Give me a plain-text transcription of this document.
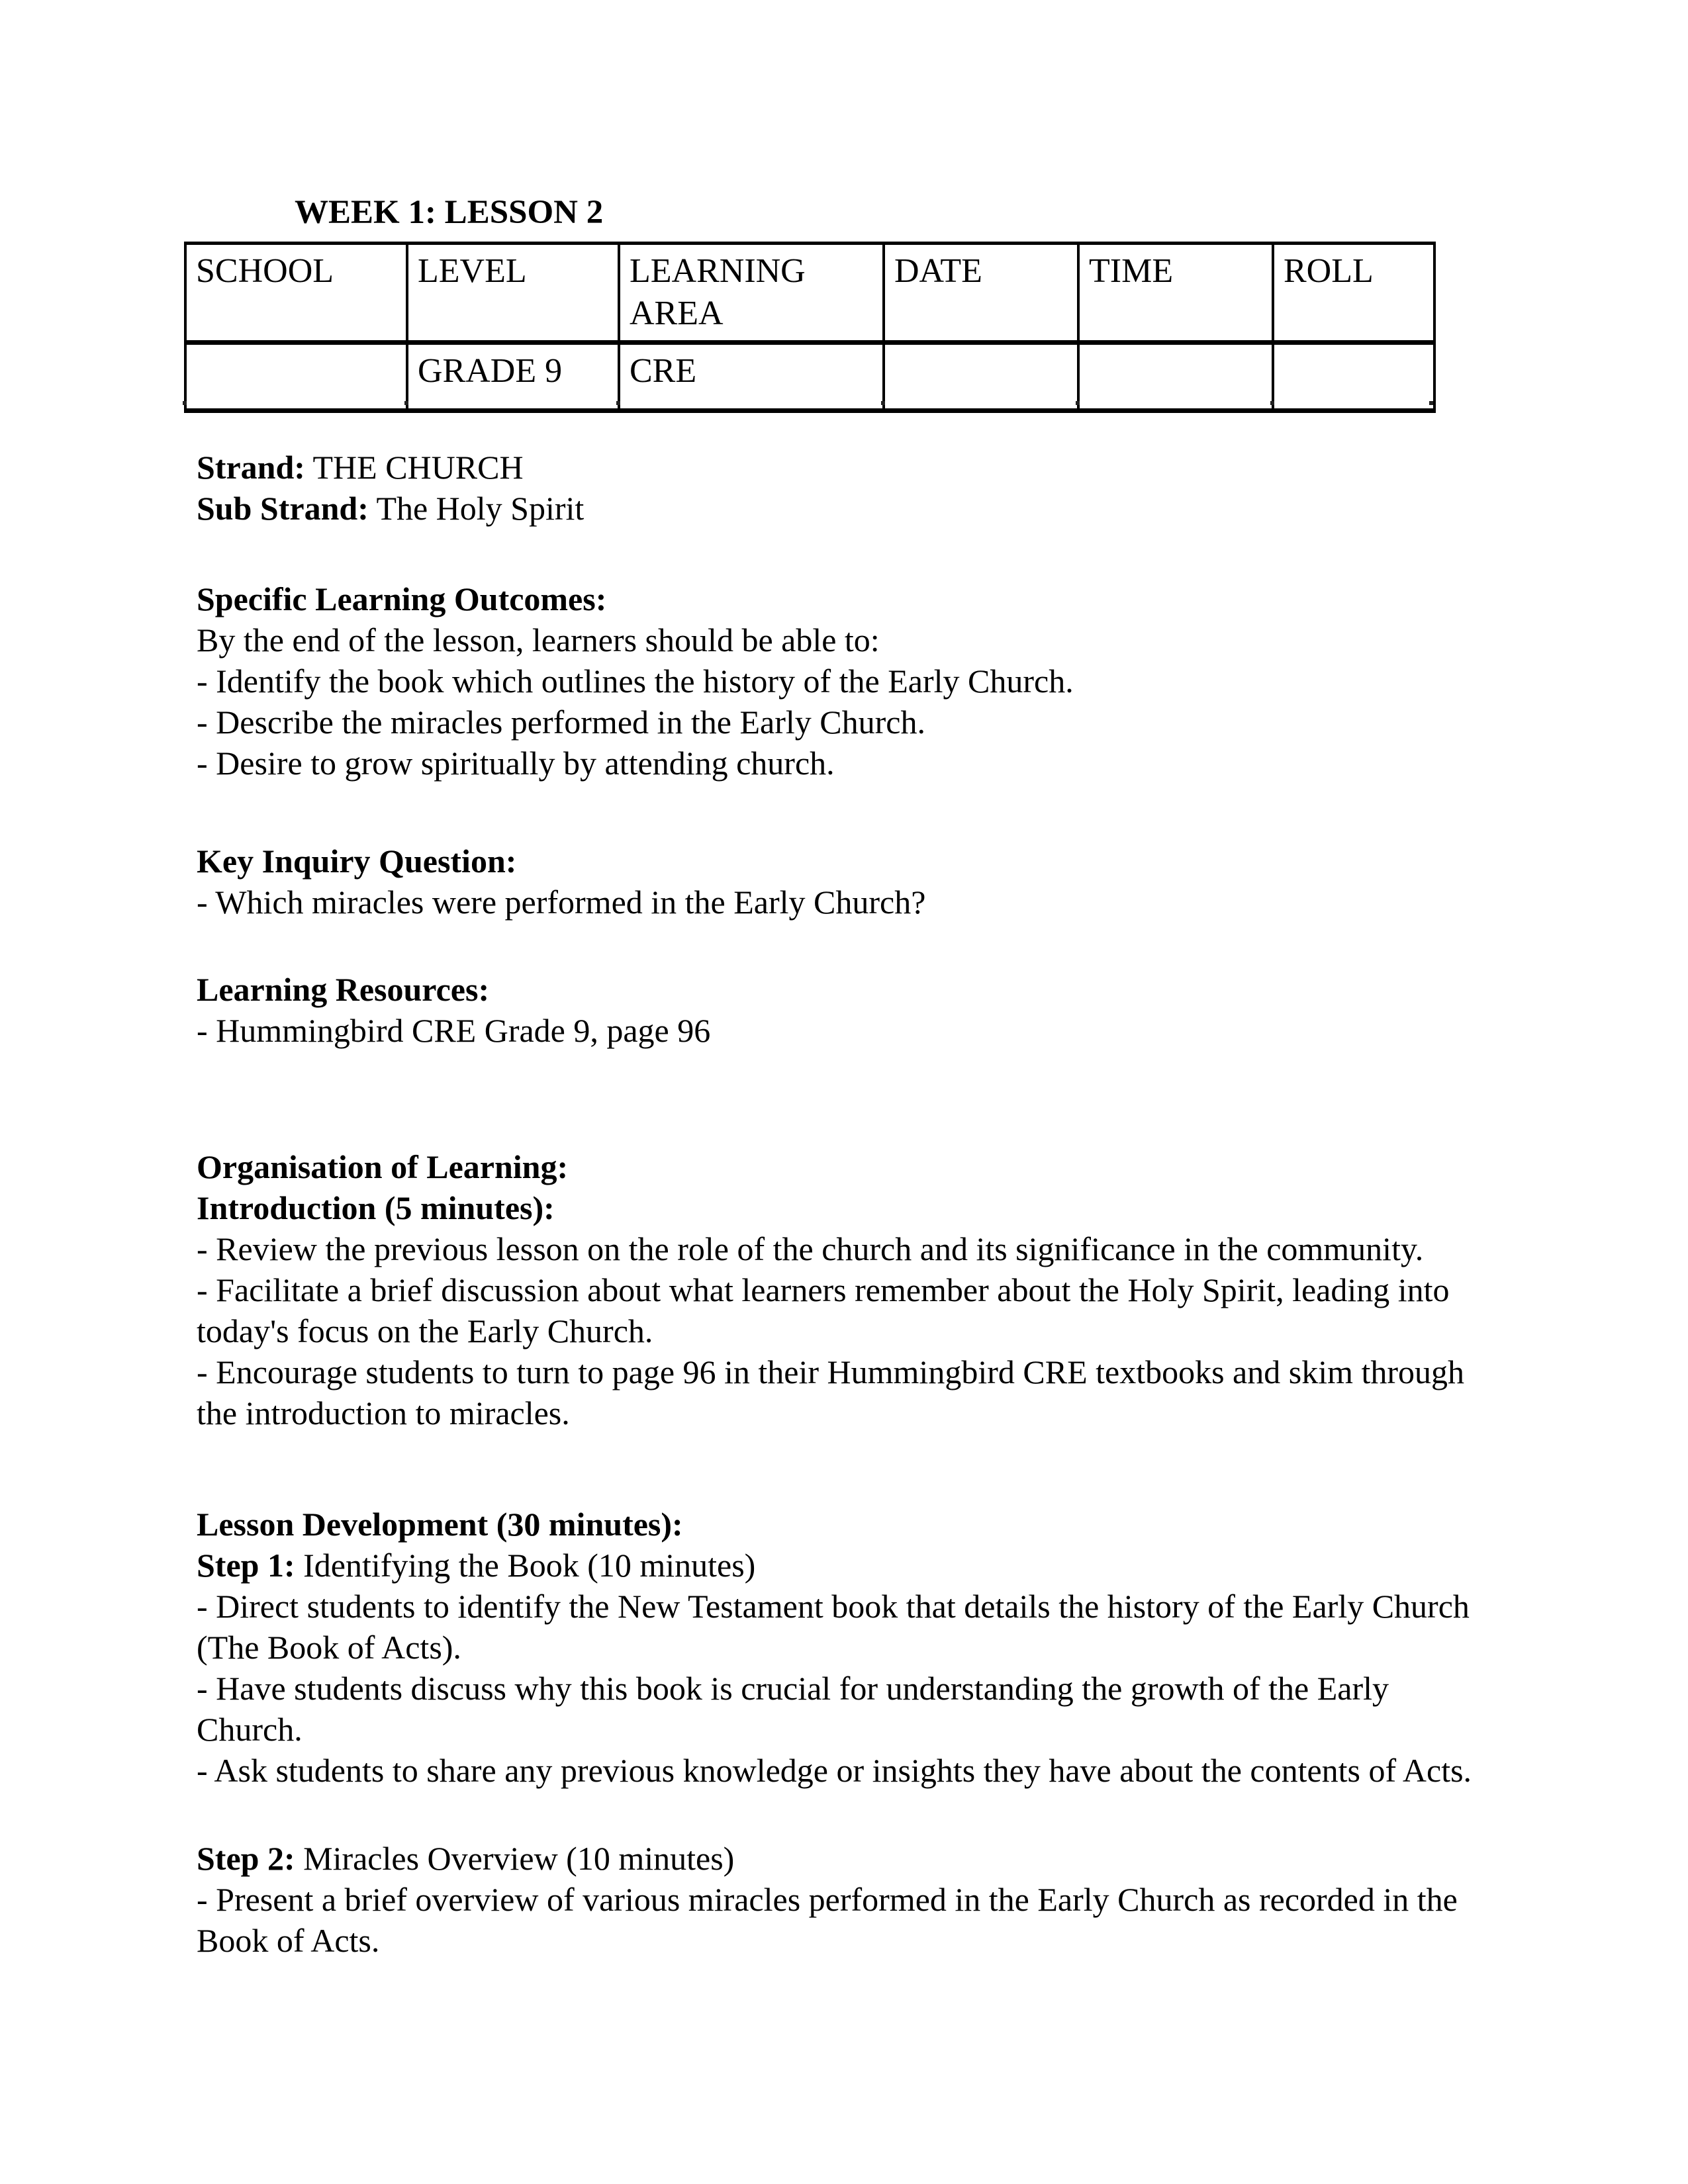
WEEK 1: LESSON 2
SCHOOL	LEVEL	LEARNING AREA	DATE	TIME	ROLL
	GRADE 9	CRE			

Strand: THE CHURCH

Sub Strand: The Holy Spirit

Specific Learning Outcomes:

By the end of the lesson, learners should be able to:

- Identify the book which outlines the history of the Early Church.

- Describe the miracles performed in the Early Church.

- Desire to grow spiritually by attending church.

Key Inquiry Question:

- Which miracles were performed in the Early Church?

Learning Resources:

- Hummingbird CRE Grade 9, page 96

Organisation of Learning:

Introduction (5 minutes):

- Review the previous lesson on the role of the church and its significance in the community.

- Facilitate a brief discussion about what learners remember about the Holy Spirit, leading into

today's focus on the Early Church.

- Encourage students to turn to page 96 in their Hummingbird CRE textbooks and skim through

the introduction to miracles.

Lesson Development (30 minutes):

Step 1: Identifying the Book (10 minutes)

- Direct students to identify the New Testament book that details the history of the Early Church

(The Book of Acts).

- Have students discuss why this book is crucial for understanding the growth of the Early

Church.

- Ask students to share any previous knowledge or insights they have about the contents of Acts.

Step 2: Miracles Overview (10 minutes)

- Present a brief overview of various miracles performed in the Early Church as recorded in the

Book of Acts.
